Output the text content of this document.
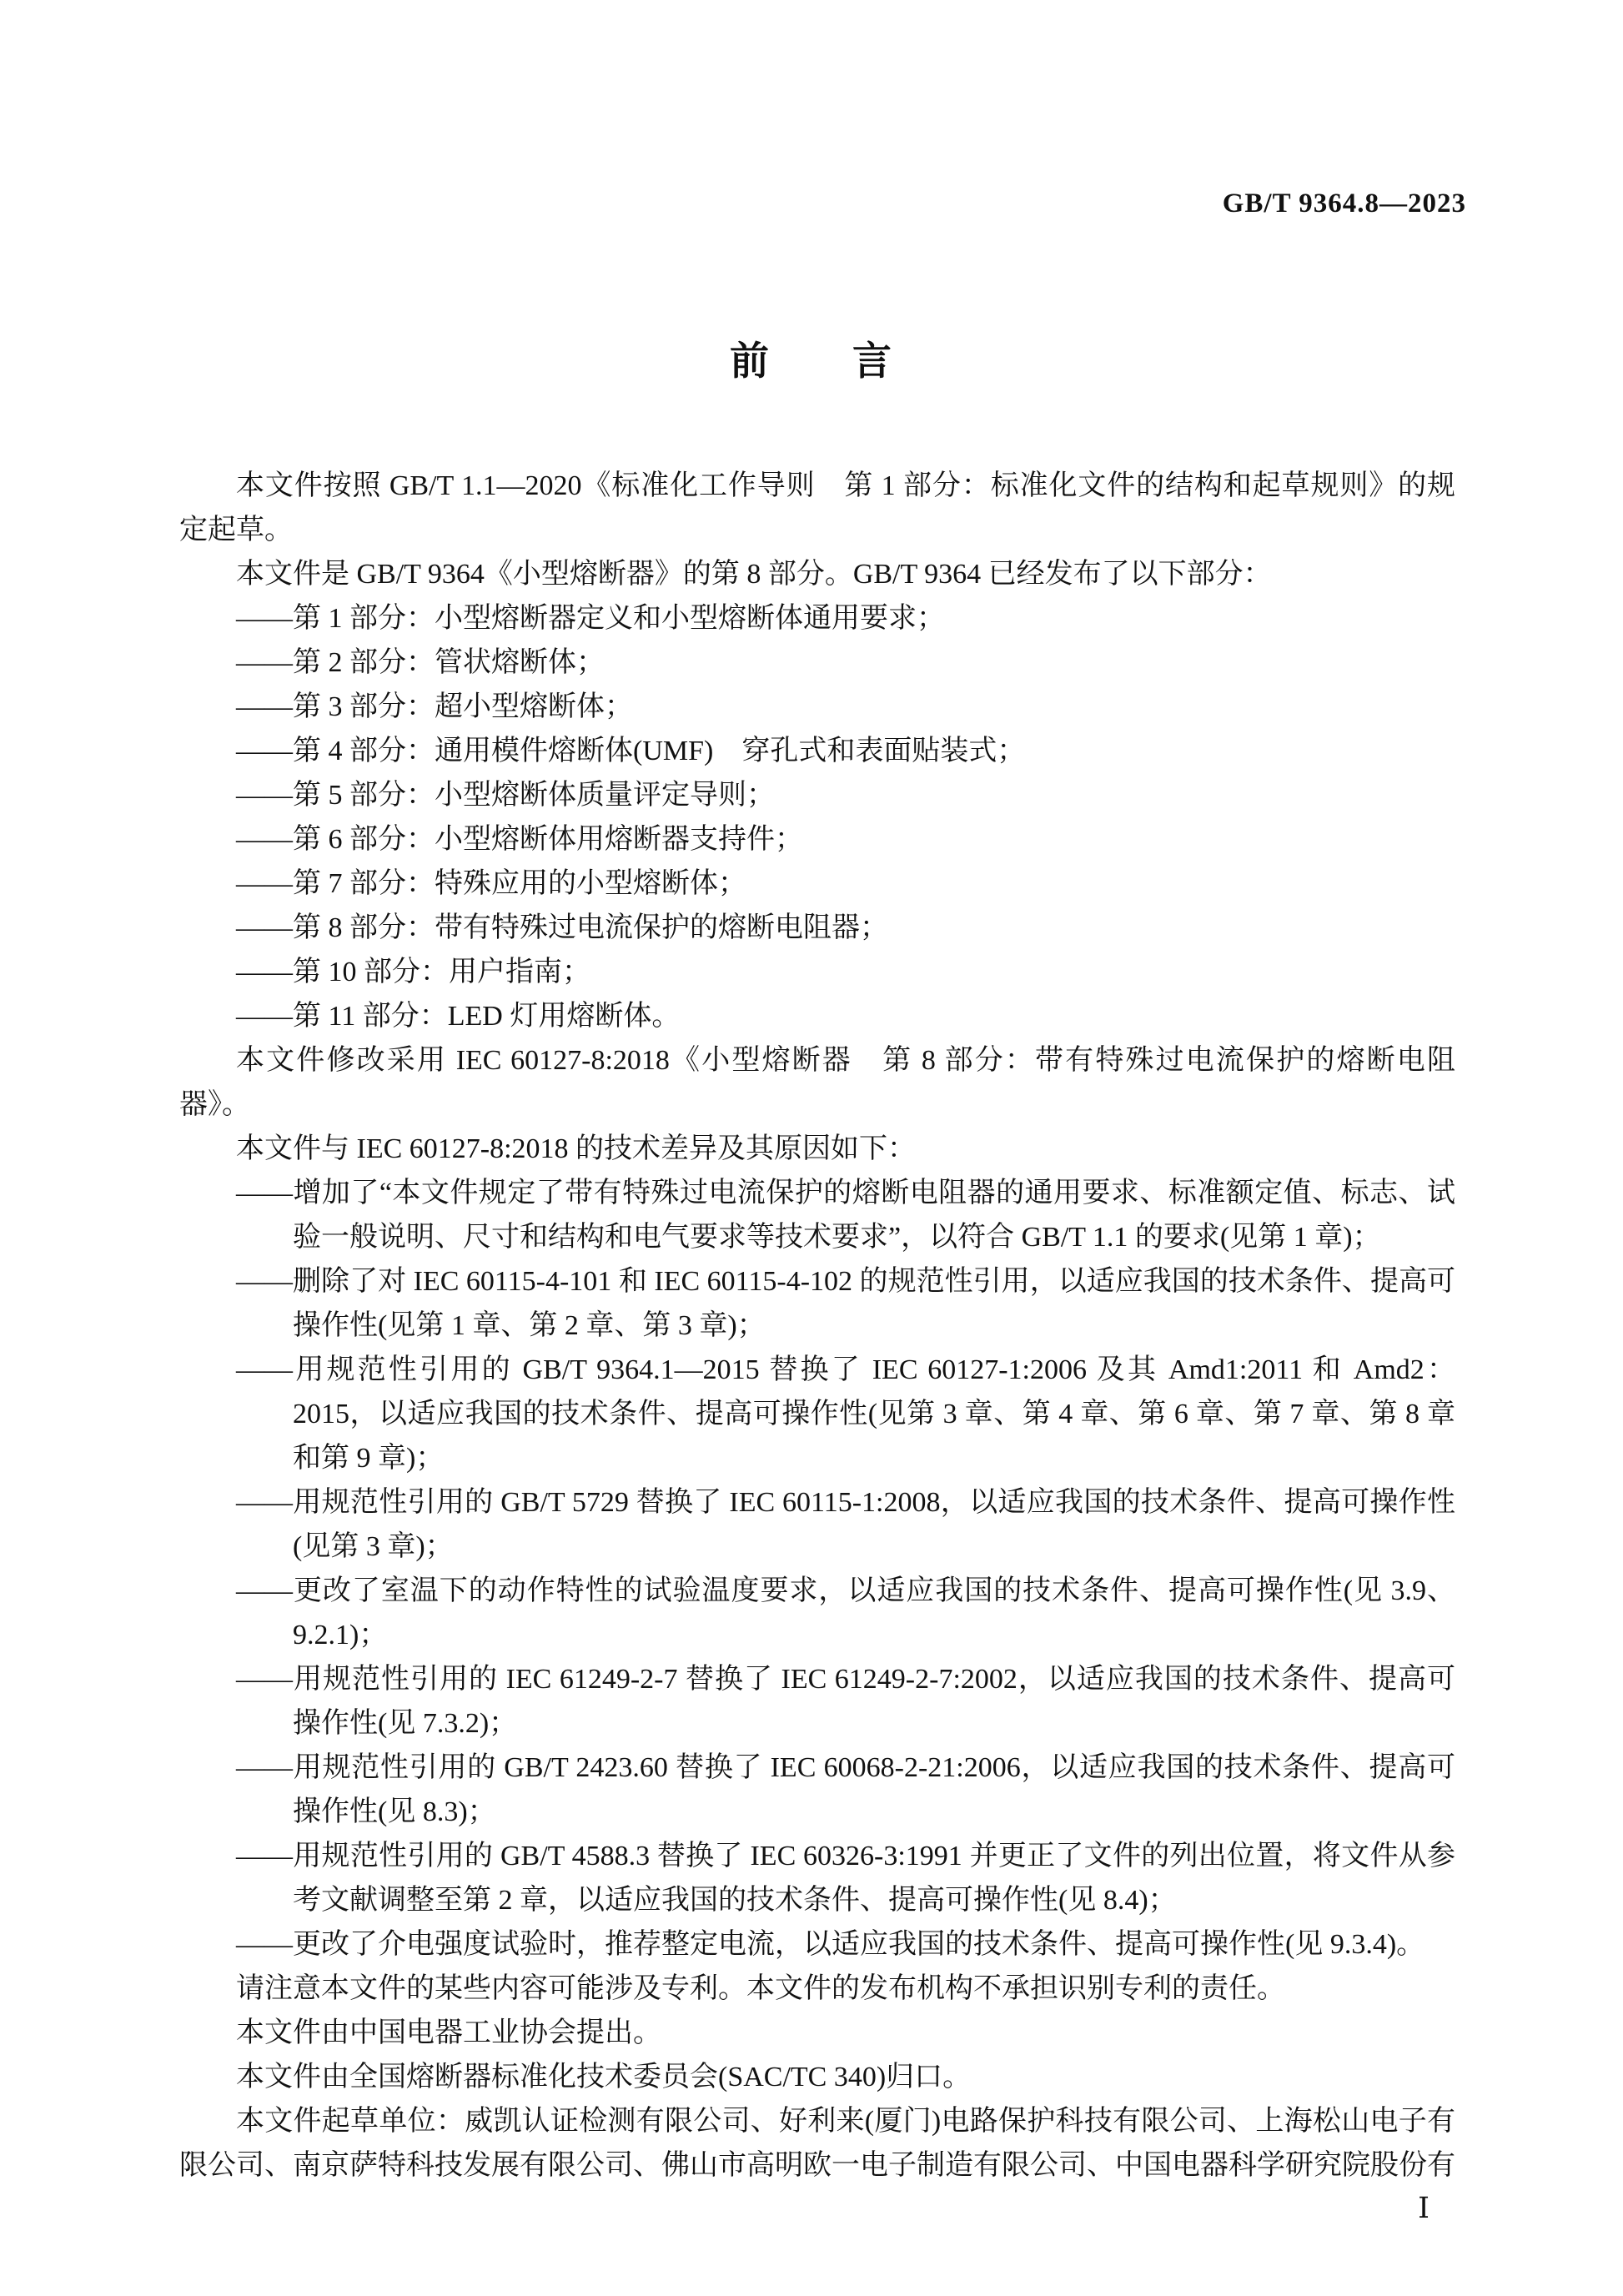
GB/T 9364.8—2023
前　　言

本文件按照 GB/T 1.1—2020《标准化工作导则　第 1 部分：标准化文件的结构和起草规则》的规定起草。

本文件是 GB/T 9364《小型熔断器》的第 8 部分。GB/T 9364 已经发布了以下部分：

——第 1 部分：小型熔断器定义和小型熔断体通用要求；

——第 2 部分：管状熔断体；

——第 3 部分：超小型熔断体；

——第 4 部分：通用模件熔断体(UMF)　穿孔式和表面贴装式；

——第 5 部分：小型熔断体质量评定导则；

——第 6 部分：小型熔断体用熔断器支持件；

——第 7 部分：特殊应用的小型熔断体；

——第 8 部分：带有特殊过电流保护的熔断电阻器；

——第 10 部分：用户指南；

——第 11 部分：LED 灯用熔断体。

本文件修改采用 IEC 60127-8:2018《小型熔断器　第 8 部分：带有特殊过电流保护的熔断电阻器》。

本文件与 IEC 60127-8:2018 的技术差异及其原因如下：

——增加了“本文件规定了带有特殊过电流保护的熔断电阻器的通用要求、标准额定值、标志、试验一般说明、尺寸和结构和电气要求等技术要求”，以符合 GB/T 1.1 的要求(见第 1 章)；

——删除了对 IEC 60115-4-101 和 IEC 60115-4-102 的规范性引用，以适应我国的技术条件、提高可操作性(见第 1 章、第 2 章、第 3 章)；

——用规范性引用的 GB/T 9364.1—2015 替换了 IEC 60127-1:2006 及其 Amd1:2011 和 Amd2：2015，以适应我国的技术条件、提高可操作性(见第 3 章、第 4 章、第 6 章、第 7 章、第 8 章和第 9 章)；

——用规范性引用的 GB/T 5729 替换了 IEC 60115-1:2008，以适应我国的技术条件、提高可操作性(见第 3 章)；

——更改了室温下的动作特性的试验温度要求，以适应我国的技术条件、提高可操作性(见 3.9、9.2.1)；

——用规范性引用的 IEC 61249-2-7 替换了 IEC 61249-2-7:2002，以适应我国的技术条件、提高可操作性(见 7.3.2)；

——用规范性引用的 GB/T 2423.60 替换了 IEC 60068-2-21:2006，以适应我国的技术条件、提高可操作性(见 8.3)；

——用规范性引用的 GB/T 4588.3 替换了 IEC 60326-3:1991 并更正了文件的列出位置，将文件从参考文献调整至第 2 章，以适应我国的技术条件、提高可操作性(见 8.4)；

——更改了介电强度试验时，推荐整定电流，以适应我国的技术条件、提高可操作性(见 9.3.4)。

请注意本文件的某些内容可能涉及专利。本文件的发布机构不承担识别专利的责任。

本文件由中国电器工业协会提出。

本文件由全国熔断器标准化技术委员会(SAC/TC 340)归口。

本文件起草单位：威凯认证检测有限公司、好利来(厦门)电路保护科技有限公司、上海松山电子有限公司、南京萨特科技发展有限公司、佛山市高明欧一电子制造有限公司、中国电器科学研究院股份有

Ⅰ
